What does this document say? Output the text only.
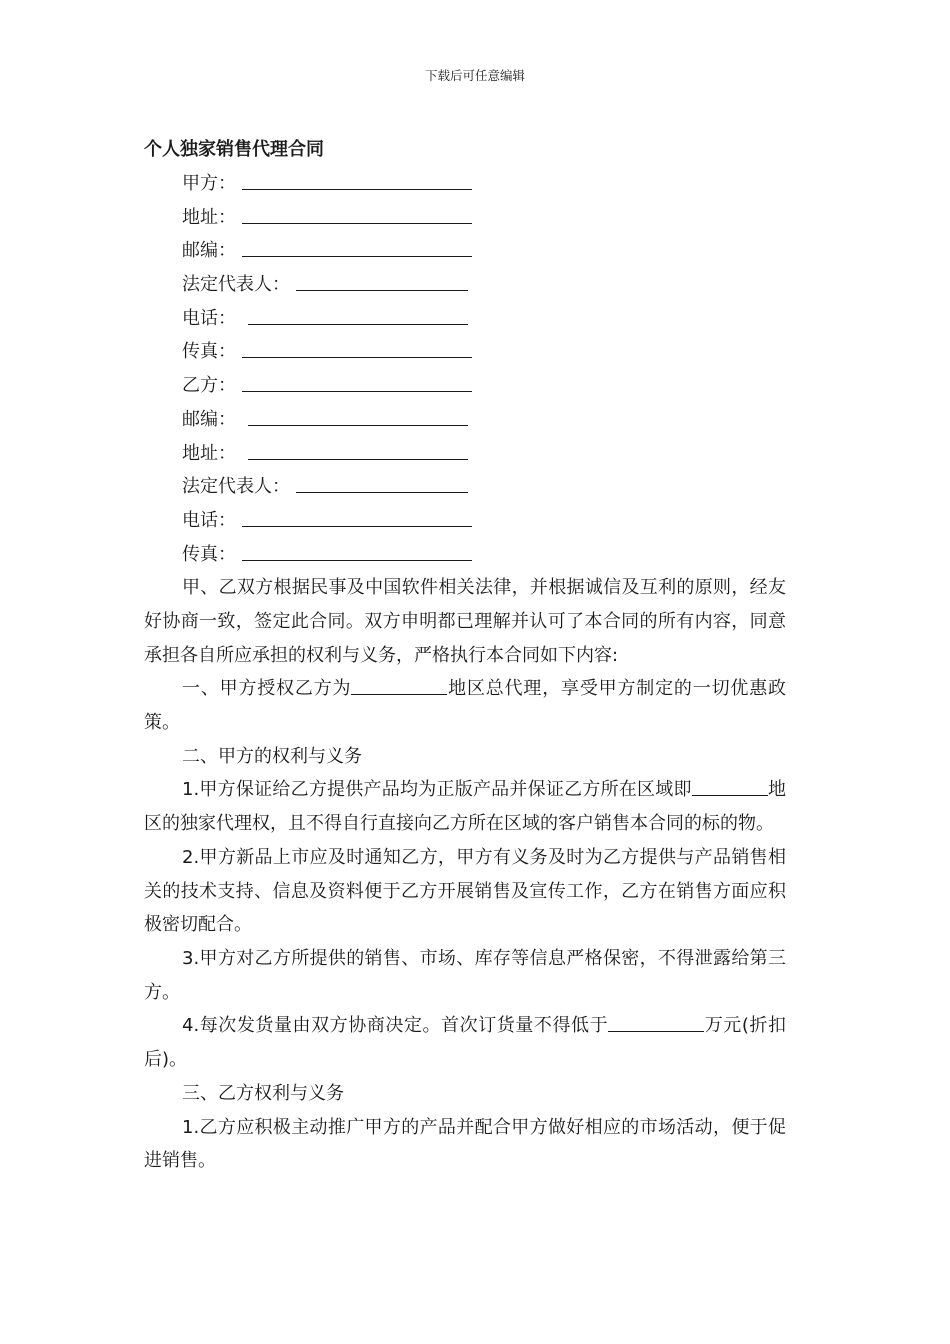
下载后可任意编辑
个人独家销售代理合同
甲方：
地址：
邮编：
法定代表人：
电话：
传真：
乙方：
邮编：
地址：
法定代表人：
电话：
传真：

甲、乙双方根据民事及中国软件相关法律，并根据诚信及互利的原则，经友好协商一致，签定此合同。双方申明都已理解并认可了本合同的所有内容，同意承担各自所应承担的权利与义务，严格执行本合同如下内容:

一、甲方授权乙方为	地区总代理，享受甲方制定的一切优惠政策。

二、甲方的权利与义务

1.甲方保证给乙方提供产品均为正版产品并保证乙方所在区域即	地区的独家代理权，且不得自行直接向乙方所在区域的客户销售本合同的标的物。

2.甲方新品上市应及时通知乙方，甲方有义务及时为乙方提供与产品销售相关的技术支持、信息及资料便于乙方开展销售及宣传工作，乙方在销售方面应积极密切配合。

3.甲方对乙方所提供的销售、市场、库存等信息严格保密，不得泄露给第三方。

4.每次发货量由双方协商决定。首次订货量不得低于	万元(折扣后)。

三、乙方权利与义务

1.乙方应积极主动推广甲方的产品并配合甲方做好相应的市场活动，便于促进销售。
